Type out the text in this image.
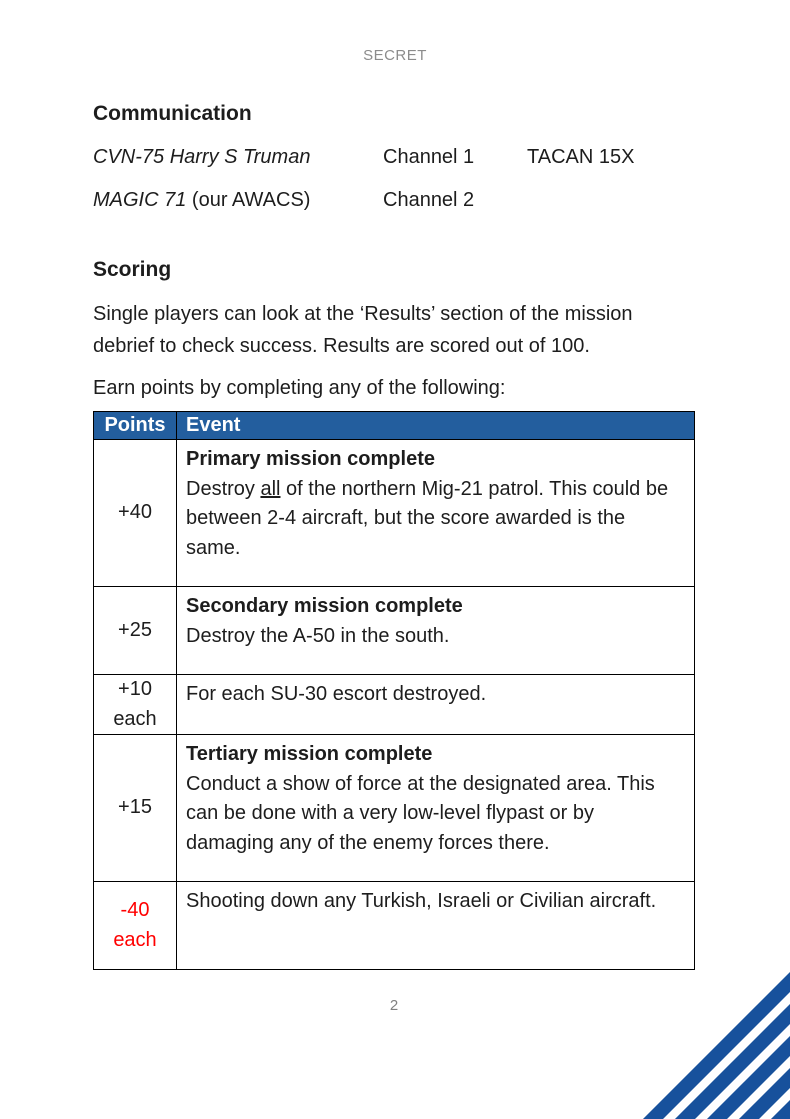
SECRET
Communication
CVN-75 Harry S Truman	Channel 1	TACAN 15X
MAGIC 71 (our AWACS)	Channel 2
Scoring

Single players can look at the ‘Results’ section of the mission debrief to check success. Results are scored out of 100.

Earn points by completing any of the following:

Points	Event

+40	Primary mission complete
Destroy all of the northern Mig-21 patrol. This could be between 2-4 aircraft, but the score awarded is the same.

+25	Secondary mission complete
Destroy the A-50 in the south.

+10
each	For each SU-30 escort destroyed.

+15	Tertiary mission complete
Conduct a show of force at the designated area. This can be done with a very low-level flypast or by damaging any of the enemy forces there.

-40
each	Shooting down any Turkish, Israeli or Civilian aircraft.
2
